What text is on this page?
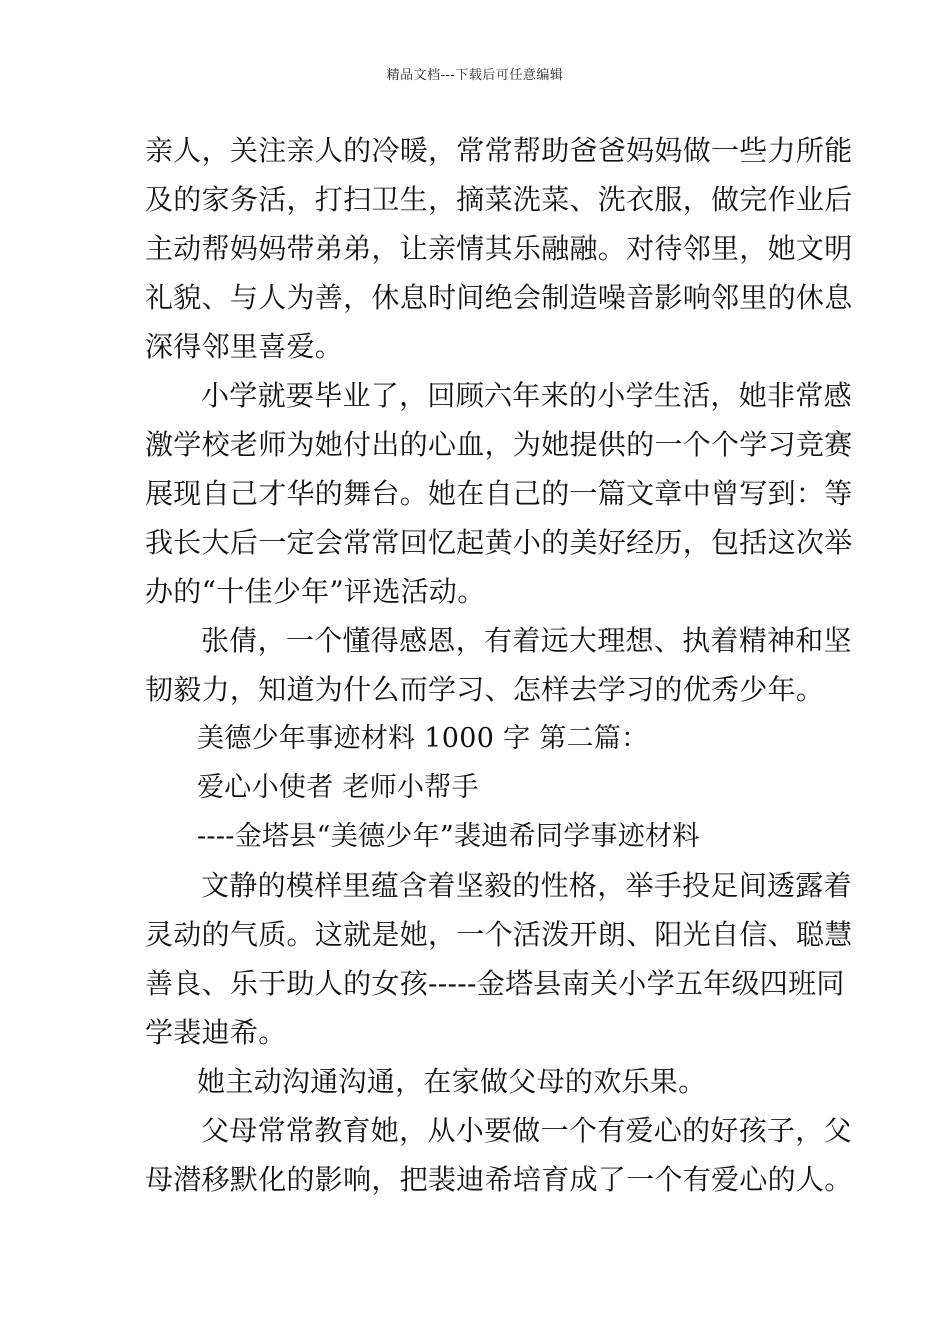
精品文档---下载后可任意编辑
亲人，关注亲人的冷暖，常常帮助爸爸妈妈做一些力所能
及的家务活，打扫卫生，摘菜洗菜、洗衣服，做完作业后
主动帮妈妈带弟弟，让亲情其乐融融。对待邻里，她文明
礼貌、与人为善，休息时间绝会制造噪音影响邻里的休息
深得邻里喜爱。
小学就要毕业了，回顾六年来的小学生活，她非常感
激学校老师为她付出的心血，为她提供的一个个学习竞赛
展现自己才华的舞台。她在自己的一篇文章中曾写到：等
我长大后一定会常常回忆起黄小的美好经历，包括这次举
办的“十佳少年”评选活动。
张倩，一个懂得感恩，有着远大理想、执着精神和坚
韧毅力，知道为什么而学习、怎样去学习的优秀少年。
美德少年事迹材料 1000 字 第二篇：
爱心小使者 老师小帮手
----金塔县“美德少年”裴迪希同学事迹材料
文静的模样里蕴含着坚毅的性格，举手投足间透露着
灵动的气质。这就是她，一个活泼开朗、阳光自信、聪慧
善良、乐于助人的女孩-----金塔县南关小学五年级四班同
学裴迪希。
她主动沟通沟通，在家做父母的欢乐果。
父母常常教育她，从小要做一个有爱心的好孩子，父
母潜移默化的影响，把裴迪希培育成了一个有爱心的人。
